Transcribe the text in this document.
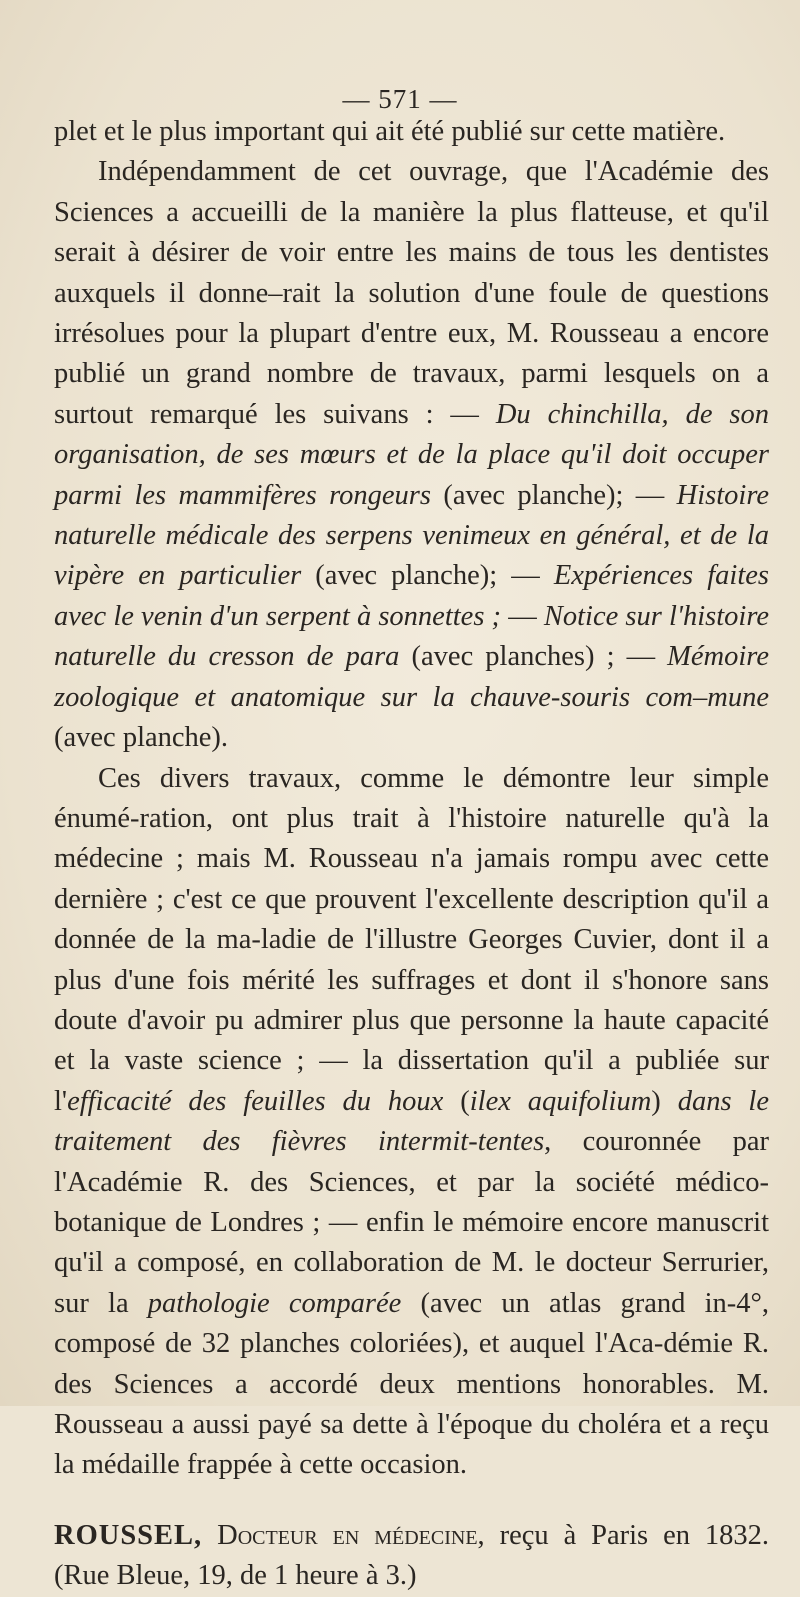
— 571 —

plet et le plus important qui ait été publié sur cette matière.

Indépendamment de cet ouvrage, que l'Académie des Sciences a accueilli de la manière la plus flatteuse, et qu'il serait à désirer de voir entre les mains de tous les dentistes auxquels il donne–rait la solution d'une foule de questions irrésolues pour la plupart d'entre eux, M. Rousseau a encore publié un grand nombre de travaux, parmi lesquels on a surtout remarqué les suivans : — Du chinchilla, de son organisation, de ses mœurs et de la place qu'il doit occuper parmi les mammifères rongeurs (avec planche); — Histoire naturelle médicale des serpens venimeux en général, et de la vipère en particulier (avec planche); — Expériences faites avec le venin d'un serpent à sonnettes ; — Notice sur l'histoire naturelle du cresson de para (avec planches) ; — Mémoire zoologique et anatomique sur la chauve-souris com–mune (avec planche).

Ces divers travaux, comme le démontre leur simple énumé-ration, ont plus trait à l'histoire naturelle qu'à la médecine ; mais M. Rousseau n'a jamais rompu avec cette dernière ; c'est ce que prouvent l'excellente description qu'il a donnée de la ma-ladie de l'illustre Georges Cuvier, dont il a plus d'une fois mérité les suffrages et dont il s'honore sans doute d'avoir pu admirer plus que personne la haute capacité et la vaste science ; — la dissertation qu'il a publiée sur l'efficacité des feuilles du houx (ilex aquifolium) dans le traitement des fièvres intermit-tentes, couronnée par l'Académie R. des Sciences, et par la société médico-botanique de Londres ; — enfin le mémoire encore manuscrit qu'il a composé, en collaboration de M. le docteur Serrurier, sur la pathologie comparée (avec un atlas grand in-4°, composé de 32 planches coloriées), et auquel l'Aca-démie R. des Sciences a accordé deux mentions honorables. M. Rousseau a aussi payé sa dette à l'époque du choléra et a reçu la médaille frappée à cette occasion.

ROUSSEL, Docteur en médecine, reçu à Paris en 1832. (Rue Bleue, 19, de 1 heure à 3.)
